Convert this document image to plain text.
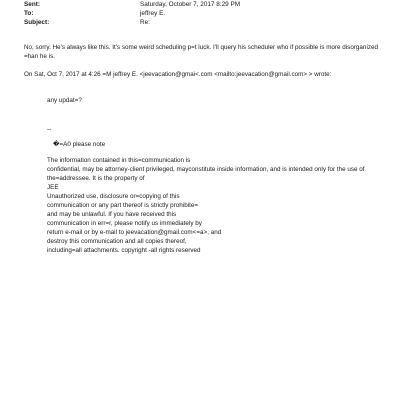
Sent:	Saturday, October 7, 2017 8:29 PM
To:	jeffrey E.
Subject:	Re:
No, sorry. He's always like this. It's some weird scheduling p=t luck. I'll query his scheduler who if possible is more disorganized =han he is.
On Sat, Oct 7, 2017 at 4:26 =M jeffrey E. <jeevacation@gmai<.com <mailto:jeevacation@gmail.com> > wrote:
any updat=?
--
�=A0 please note
The information contained in this=communication is
confidential, may be attorney-client privileged, mayconstitute inside information, and is intended only for the use of the=addressee. It is the property of
JEE
Unauthorized use, disclosure or=copying of this
communication or any part thereof is strictly prohibite=
and may be unlawful. If you have received this
communication in err=r, please notify us immediately by
return e-mail or by e-mail to jeevacation@gmail.com<=a>, and
destroy this communication and all copies thereof,
including=all attachments. copyright -all rights reserved
